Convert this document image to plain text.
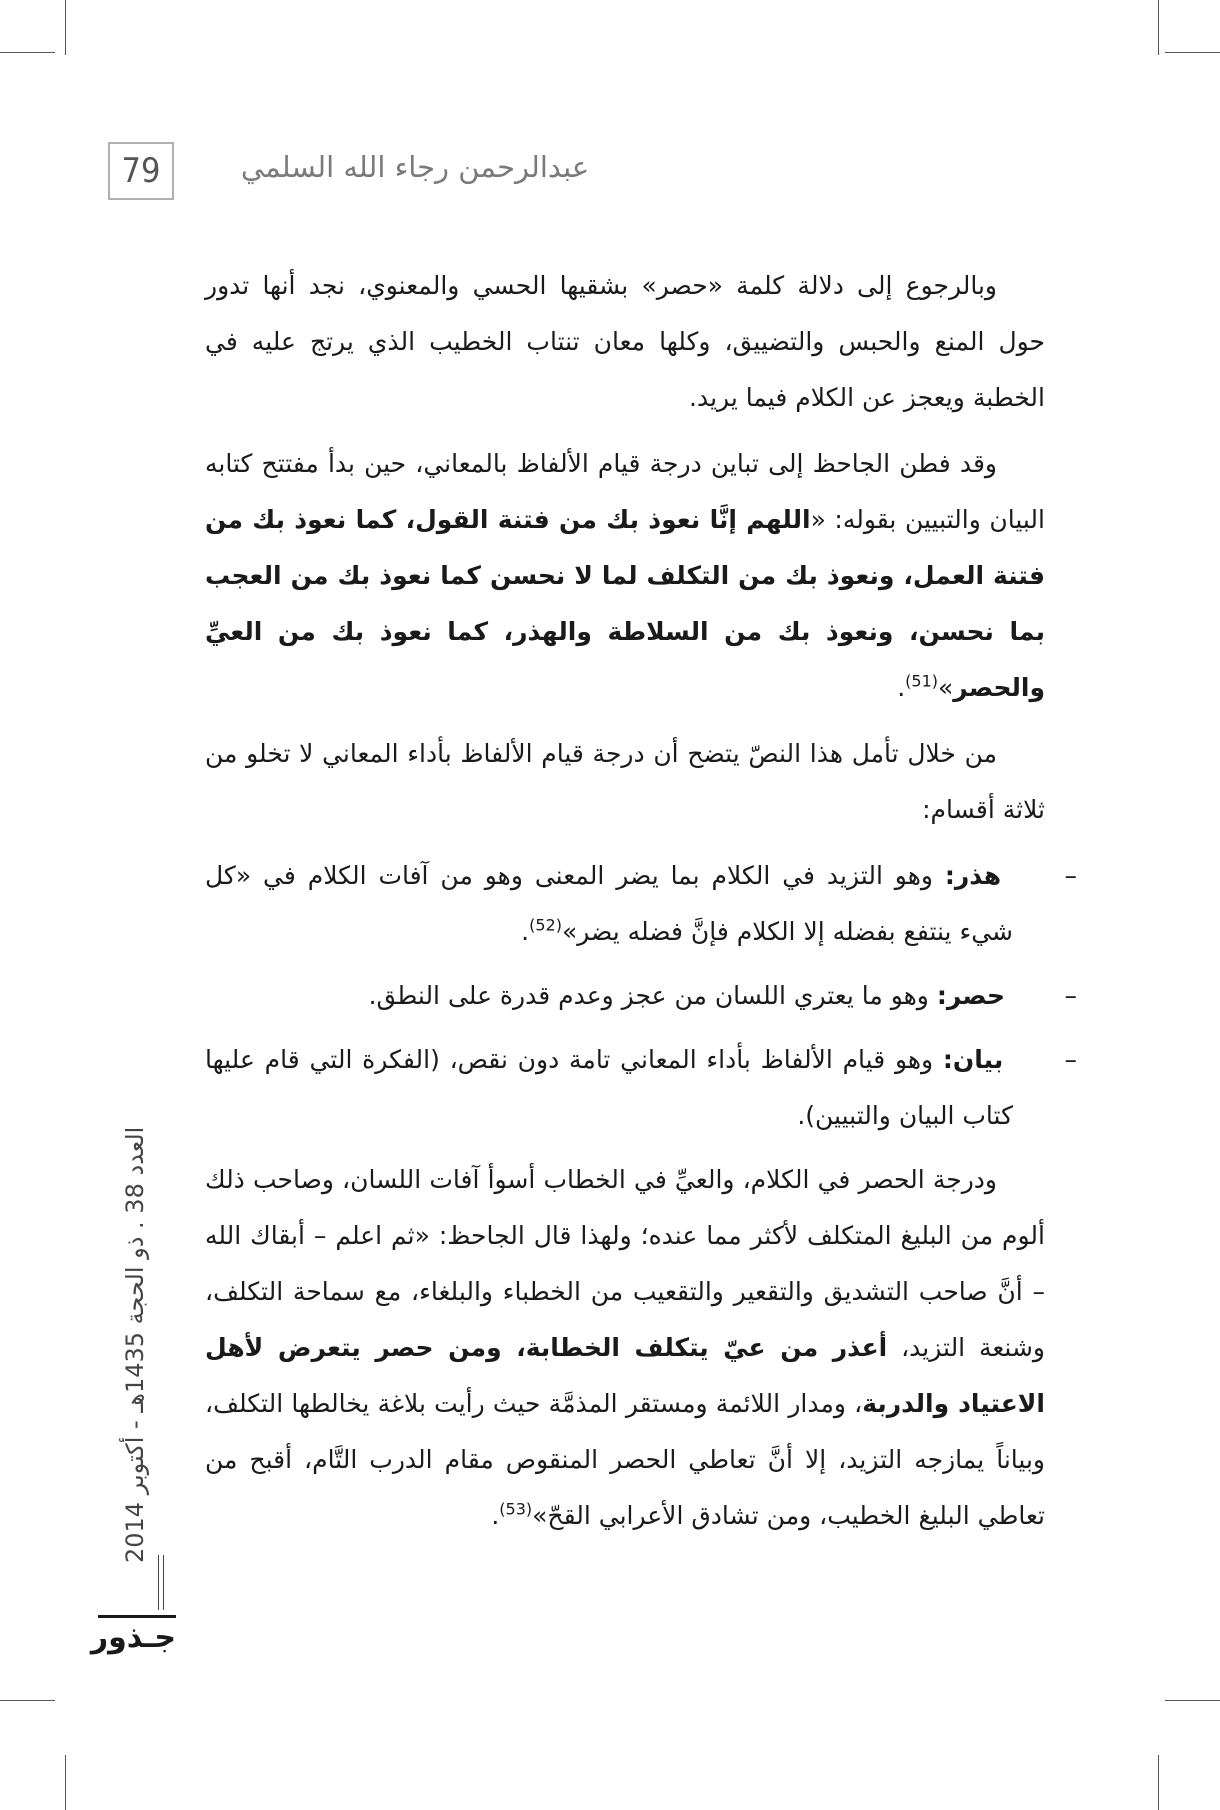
79	عبدالرحمن رجاء الله السلمي

وبالرجوع إلى دلالة كلمة «حصر» بشقيها الحسي والمعنوي، نجد أنها تدور حول المنع والحبس والتضييق، وكلها معان تنتاب الخطيب الذي يرتج عليه في الخطبة ويعجز عن الكلام فيما يريد.

وقد فطن الجاحظ إلى تباين درجة قيام الألفاظ بالمعاني، حين بدأ مفتتح كتابه البيان والتبيين بقوله: «اللهم إنَّا نعوذ بك من فتنة القول، كما نعوذ بك من فتنة العمل، ونعوذ بك من التكلف لما لا نحسن كما نعوذ بك من العجب بما نحسن، ونعوذ بك من السلاطة والهذر، كما نعوذ بك من العيِّ والحصر»$^{(51)}$.

من خلال تأمل هذا النصّ يتضح أن درجة قيام الألفاظ بأداء المعاني لا تخلو من ثلاثة أقسام:

– هذر: وهو التزيد في الكلام بما يضر المعنى وهو من آفات الكلام في «كل شيء ينتفع بفضله إلا الكلام فإنَّ فضله يضر»$^{(52)}$.

– حصر: وهو ما يعتري اللسان من عجز وعدم قدرة على النطق.

– بيان: وهو قيام الألفاظ بأداء المعاني تامة دون نقص، (الفكرة التي قام عليها كتاب البيان والتبيين).

ودرجة الحصر في الكلام، والعيِّ في الخطاب أسوأ آفات اللسان، وصاحب ذلك ألوم من البليغ المتكلف لأكثر مما عنده؛ ولهذا قال الجاحظ: «ثم اعلم – أبقاك الله – أنَّ صاحب التشديق والتقعير والتقعيب من الخطباء والبلغاء، مع سماحة التكلف، وشنعة التزيد، أعذر من عيّ يتكلف الخطابة، ومن حصر يتعرض لأهل الاعتياد والدربة، ومدار اللائمة ومستقر المذمَّة حيث رأيت بلاغة يخالطها التكلف، وبياناً يمازجه التزيد، إلا أنَّ تعاطي الحصر المنقوص مقام الدرب التَّام، أقبح من تعاطي البليغ الخطيب، ومن تشادق الأعرابي القحّ»$^{(53)}$.

العدد 38 . ذو الحجة 1435هـ - أكتوبر 2014
جـذور
